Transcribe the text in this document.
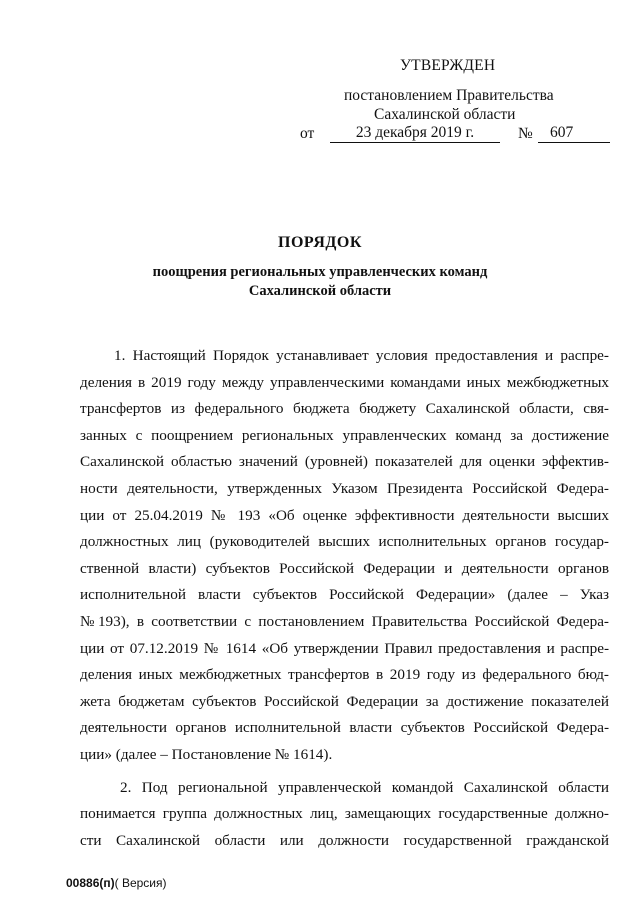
УТВЕРЖДЕН
постановлением Правительства
Сахалинской области
от	23 декабря 2019 г.	№	607
ПОРЯДОК
поощрения региональных управленческих команд
Сахалинской области
1. Настоящий Порядок устанавливает условия предоставления и распре-
деления в 2019 году между управленческими командами иных межбюджетных
трансфертов из федерального бюджета бюджету Сахалинской области, свя-
занных с поощрением региональных управленческих команд за достижение
Сахалинской областью значений (уровней) показателей для оценки эффектив-
ности деятельности, утвержденных Указом Президента Российской Федера-
ции от 25.04.2019 № 193 «Об оценке эффективности деятельности высших
должностных лиц (руководителей высших исполнительных органов государ-
ственной власти) субъектов Российской Федерации и деятельности органов
исполнительной власти субъектов Российской Федерации» (далее – Указ
№193), в соответствии с постановлением Правительства Российской Федера-
ции от 07.12.2019 № 1614 «Об утверждении Правил предоставления и распре-
деления иных межбюджетных трансфертов в 2019 году из федерального бюд-
жета бюджетам субъектов Российской Федерации за достижение показателей
деятельности органов исполнительной власти субъектов Российской Федера-
ции» (далее – Постановление № 1614).
2. Под региональной управленческой командой Сахалинской области
понимается группа должностных лиц, замещающих государственные должно-
сти Сахалинской области или должности государственной гражданской
00886(п)( Версия)
